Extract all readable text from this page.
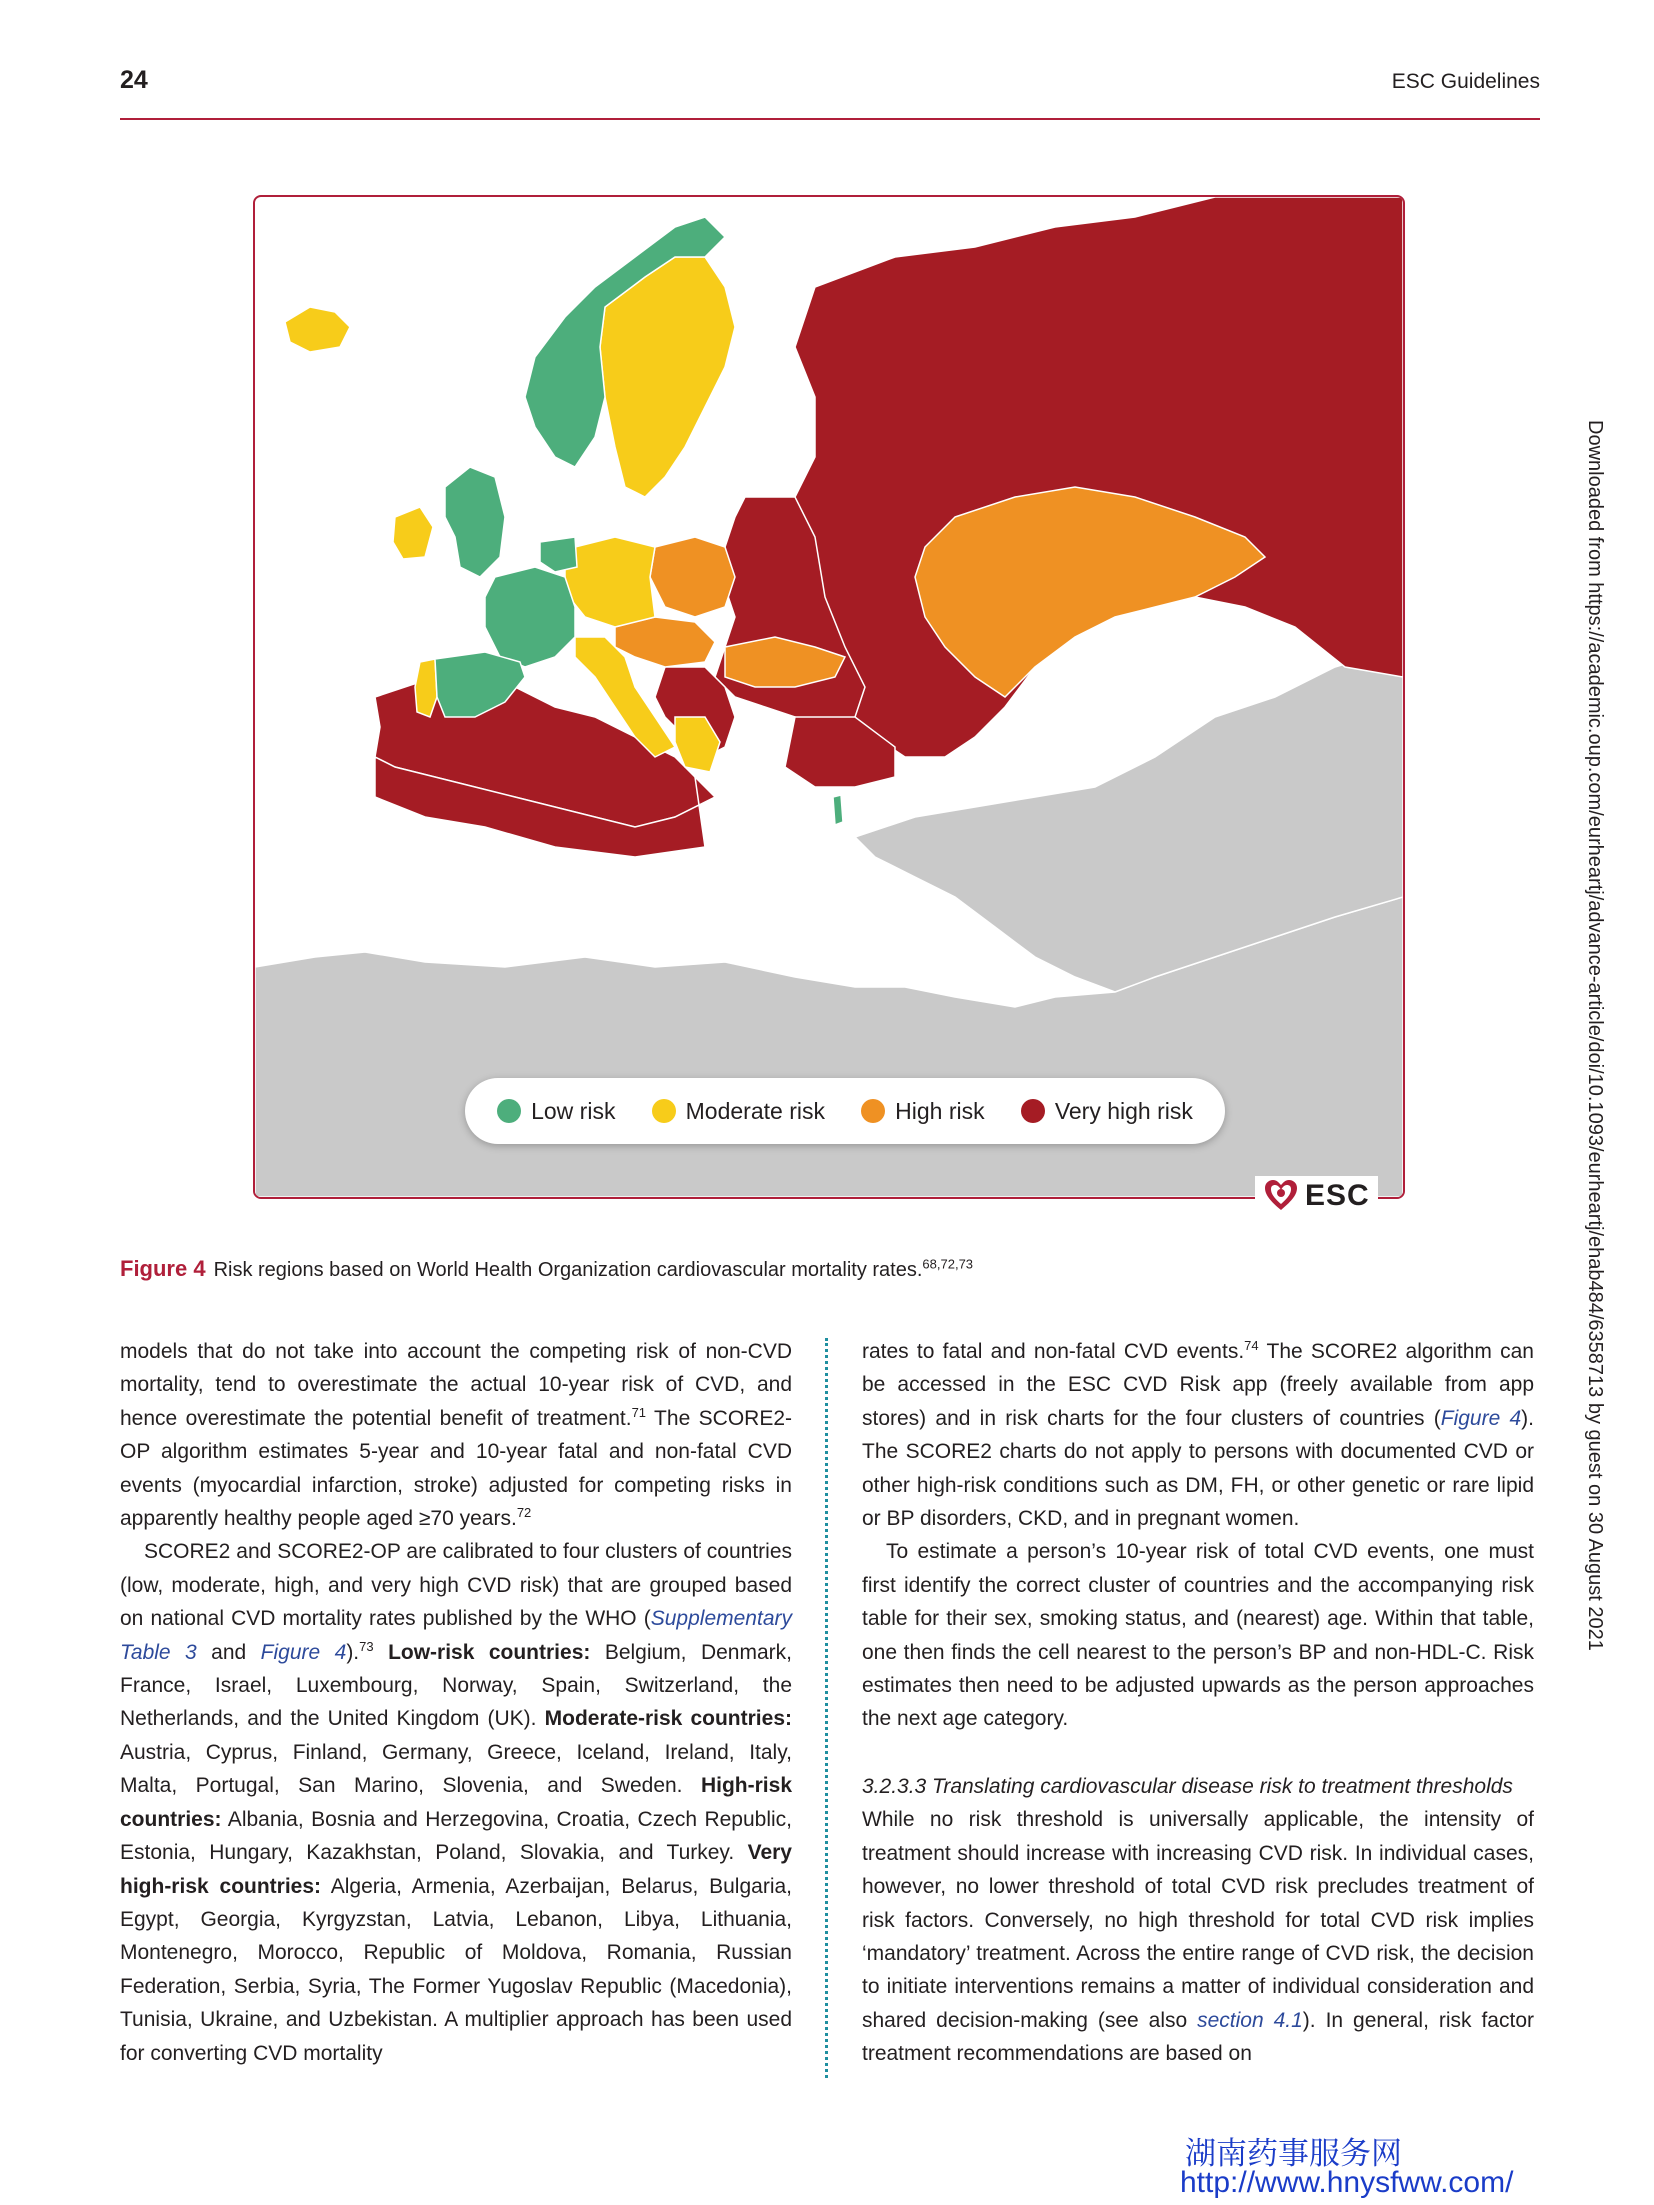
24	ESC Guidelines
Low risk	Moderate risk	High risk	Very high risk
ESC
Figure 4 Risk regions based on World Health Organization cardiovascular mortality rates.$^{68,72,73}$

models that do not take into account the competing risk of non-CVD mortality, tend to overestimate the actual 10-year risk of CVD, and hence overestimate the potential benefit of treatment.$^{71}$ The SCORE2-OP algorithm estimates 5-year and 10-year fatal and non-fatal CVD events (myocardial infarction, stroke) adjusted for competing risks in apparently healthy people aged ≥70 years.$^{72}$

SCORE2 and SCORE2-OP are calibrated to four clusters of countries (low, moderate, high, and very high CVD risk) that are grouped based on national CVD mortality rates published by the WHO (Supplementary Table 3 and Figure 4).$^{73}$ Low-risk countries: Belgium, Denmark, France, Israel, Luxembourg, Norway, Spain, Switzerland, the Netherlands, and the United Kingdom (UK). Moderate-risk countries: Austria, Cyprus, Finland, Germany, Greece, Iceland, Ireland, Italy, Malta, Portugal, San Marino, Slovenia, and Sweden. High-risk countries: Albania, Bosnia and Herzegovina, Croatia, Czech Republic, Estonia, Hungary, Kazakhstan, Poland, Slovakia, and Turkey. Very high-risk countries: Algeria, Armenia, Azerbaijan, Belarus, Bulgaria, Egypt, Georgia, Kyrgyzstan, Latvia, Lebanon, Libya, Lithuania, Montenegro, Morocco, Republic of Moldova, Romania, Russian Federation, Serbia, Syria, The Former Yugoslav Republic (Macedonia), Tunisia, Ukraine, and Uzbekistan. A multiplier approach has been used for converting CVD mortality

rates to fatal and non-fatal CVD events.$^{74}$ The SCORE2 algorithm can be accessed in the ESC CVD Risk app (freely available from app stores) and in risk charts for the four clusters of countries (Figure 4). The SCORE2 charts do not apply to persons with documented CVD or other high-risk conditions such as DM, FH, or other genetic or rare lipid or BP disorders, CKD, and in pregnant women.

To estimate a person’s 10-year risk of total CVD events, one must first identify the correct cluster of countries and the accompanying risk table for their sex, smoking status, and (nearest) age. Within that table, one then finds the cell nearest to the person’s BP and non-HDL-C. Risk estimates then need to be adjusted upwards as the person approaches the next age category.

3.2.3.3 Translating cardiovascular disease risk to treatment thresholds

While no risk threshold is universally applicable, the intensity of treatment should increase with increasing CVD risk. In individual cases, however, no lower threshold of total CVD risk precludes treatment of risk factors. Conversely, no high threshold for total CVD risk implies ‘mandatory’ treatment. Across the entire range of CVD risk, the decision to initiate interventions remains a matter of individual consideration and shared decision-making (see also section 4.1). In general, risk factor treatment recommendations are based on

Downloaded from https://academic.oup.com/eurheartj/advance-article/doi/10.1093/eurheartj/ehab484/6358713 by guest on 30 August 2021
湖南药事服务网
http://www.hnysfww.com/
